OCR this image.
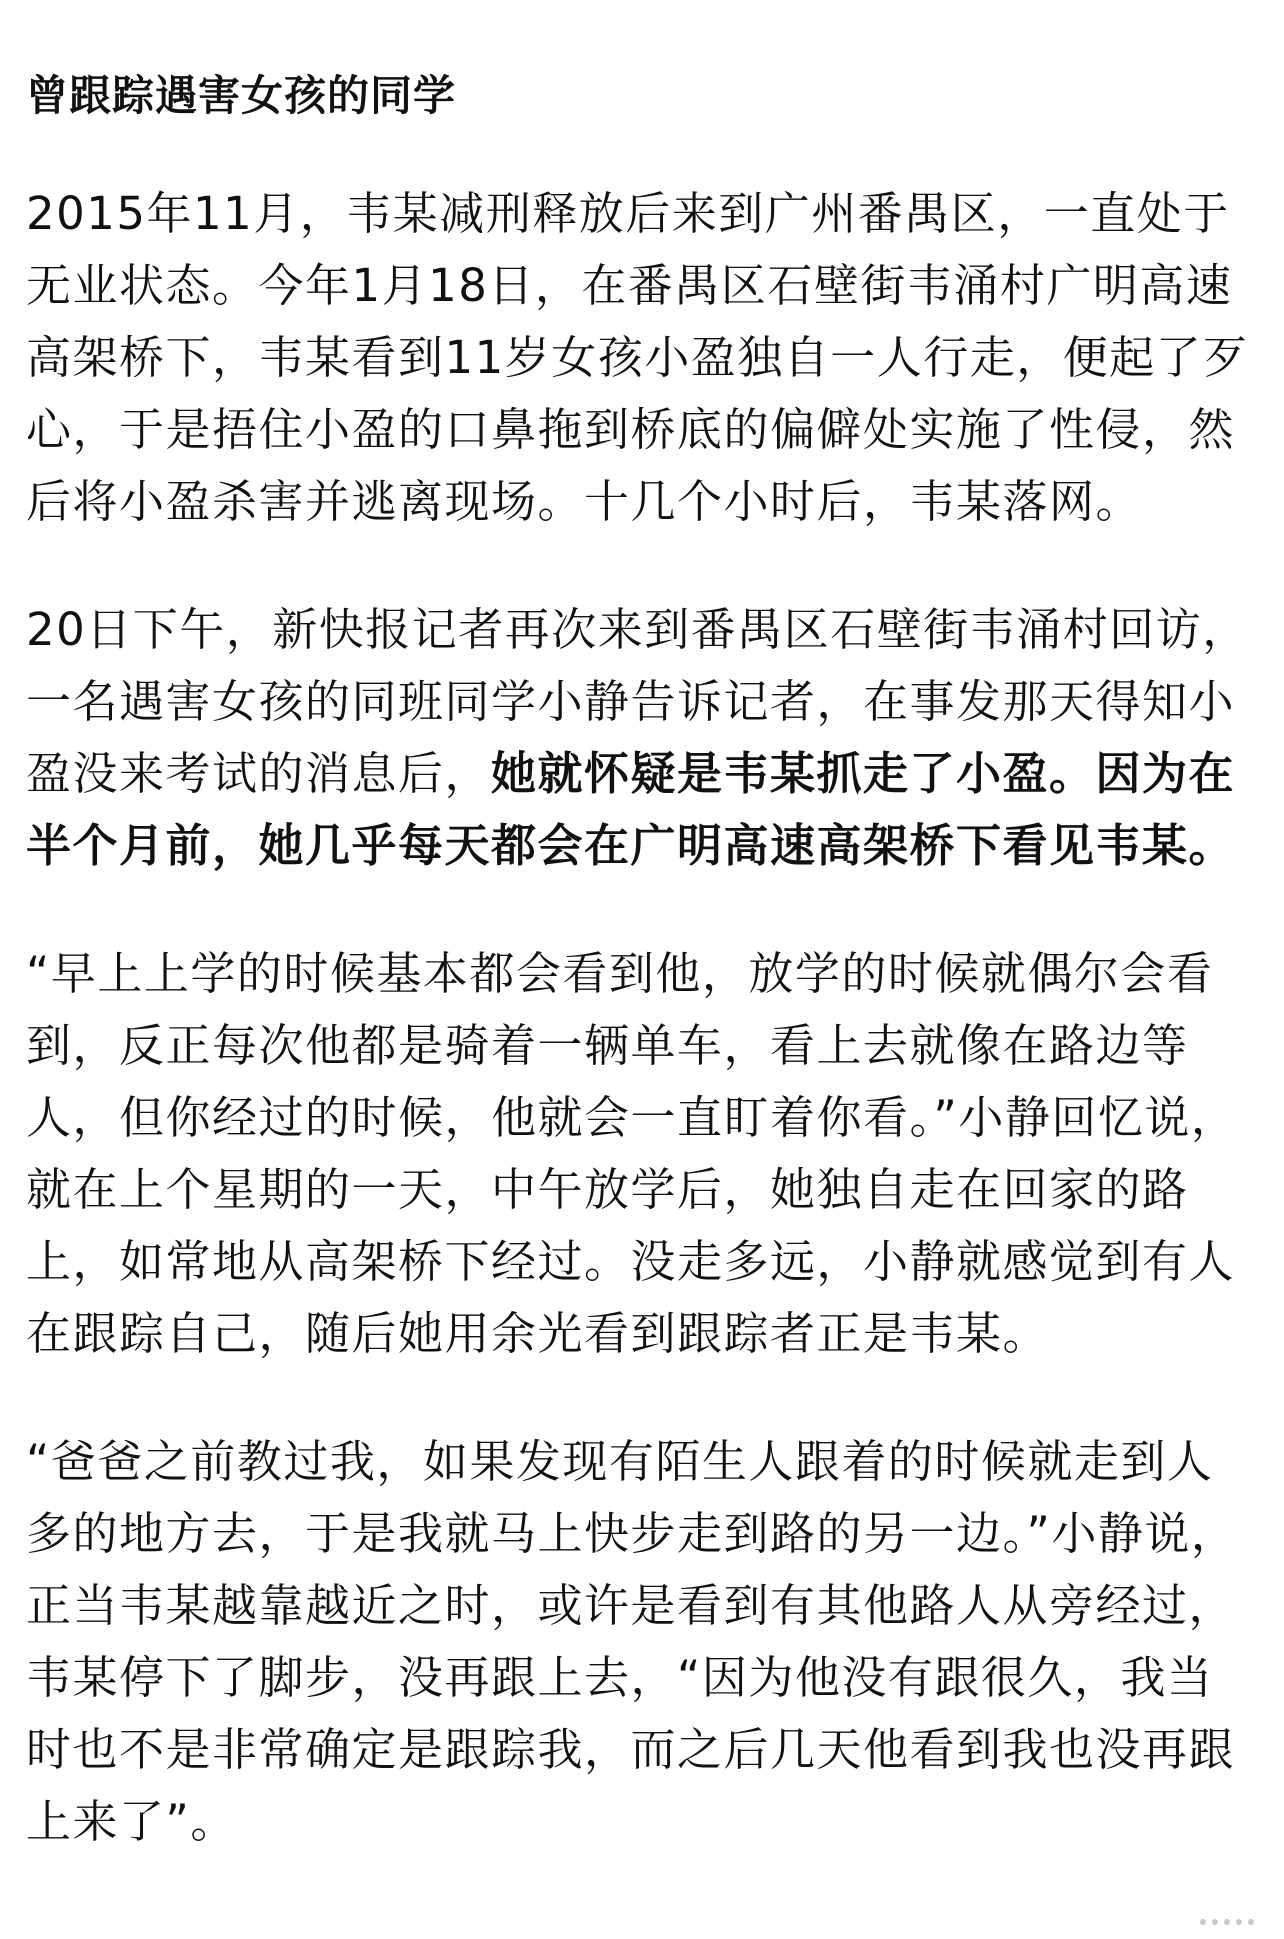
曾跟踪遇害女孩的同学

2015年11月，韦某减刑释放后来到广州番禺区，一直处于无业状态。今年1月18日，在番禺区石壁街韦涌村广明高速高架桥下，韦某看到11岁女孩小盈独自一人行走，便起了歹心，于是捂住小盈的口鼻拖到桥底的偏僻处实施了性侵，然后将小盈杀害并逃离现场。十几个小时后，韦某落网。

20日下午，新快报记者再次来到番禺区石壁街韦涌村回访，一名遇害女孩的同班同学小静告诉记者，在事发那天得知小盈没来考试的消息后，她就怀疑是韦某抓走了小盈。因为在半个月前，她几乎每天都会在广明高速高架桥下看见韦某。

“早上上学的时候基本都会看到他，放学的时候就偶尔会看到，反正每次他都是骑着一辆单车，看上去就像在路边等人，但你经过的时候，他就会一直盯着你看。”小静回忆说，就在上个星期的一天，中午放学后，她独自走在回家的路上，如常地从高架桥下经过。没走多远，小静就感觉到有人在跟踪自己，随后她用余光看到跟踪者正是韦某。

“爸爸之前教过我，如果发现有陌生人跟着的时候就走到人多的地方去，于是我就马上快步走到路的另一边。”小静说，正当韦某越靠越近之时，或许是看到有其他路人从旁经过，韦某停下了脚步，没再跟上去，“因为他没有跟很久，我当时也不是非常确定是跟踪我，而之后几天他看到我也没再跟上来了”。
